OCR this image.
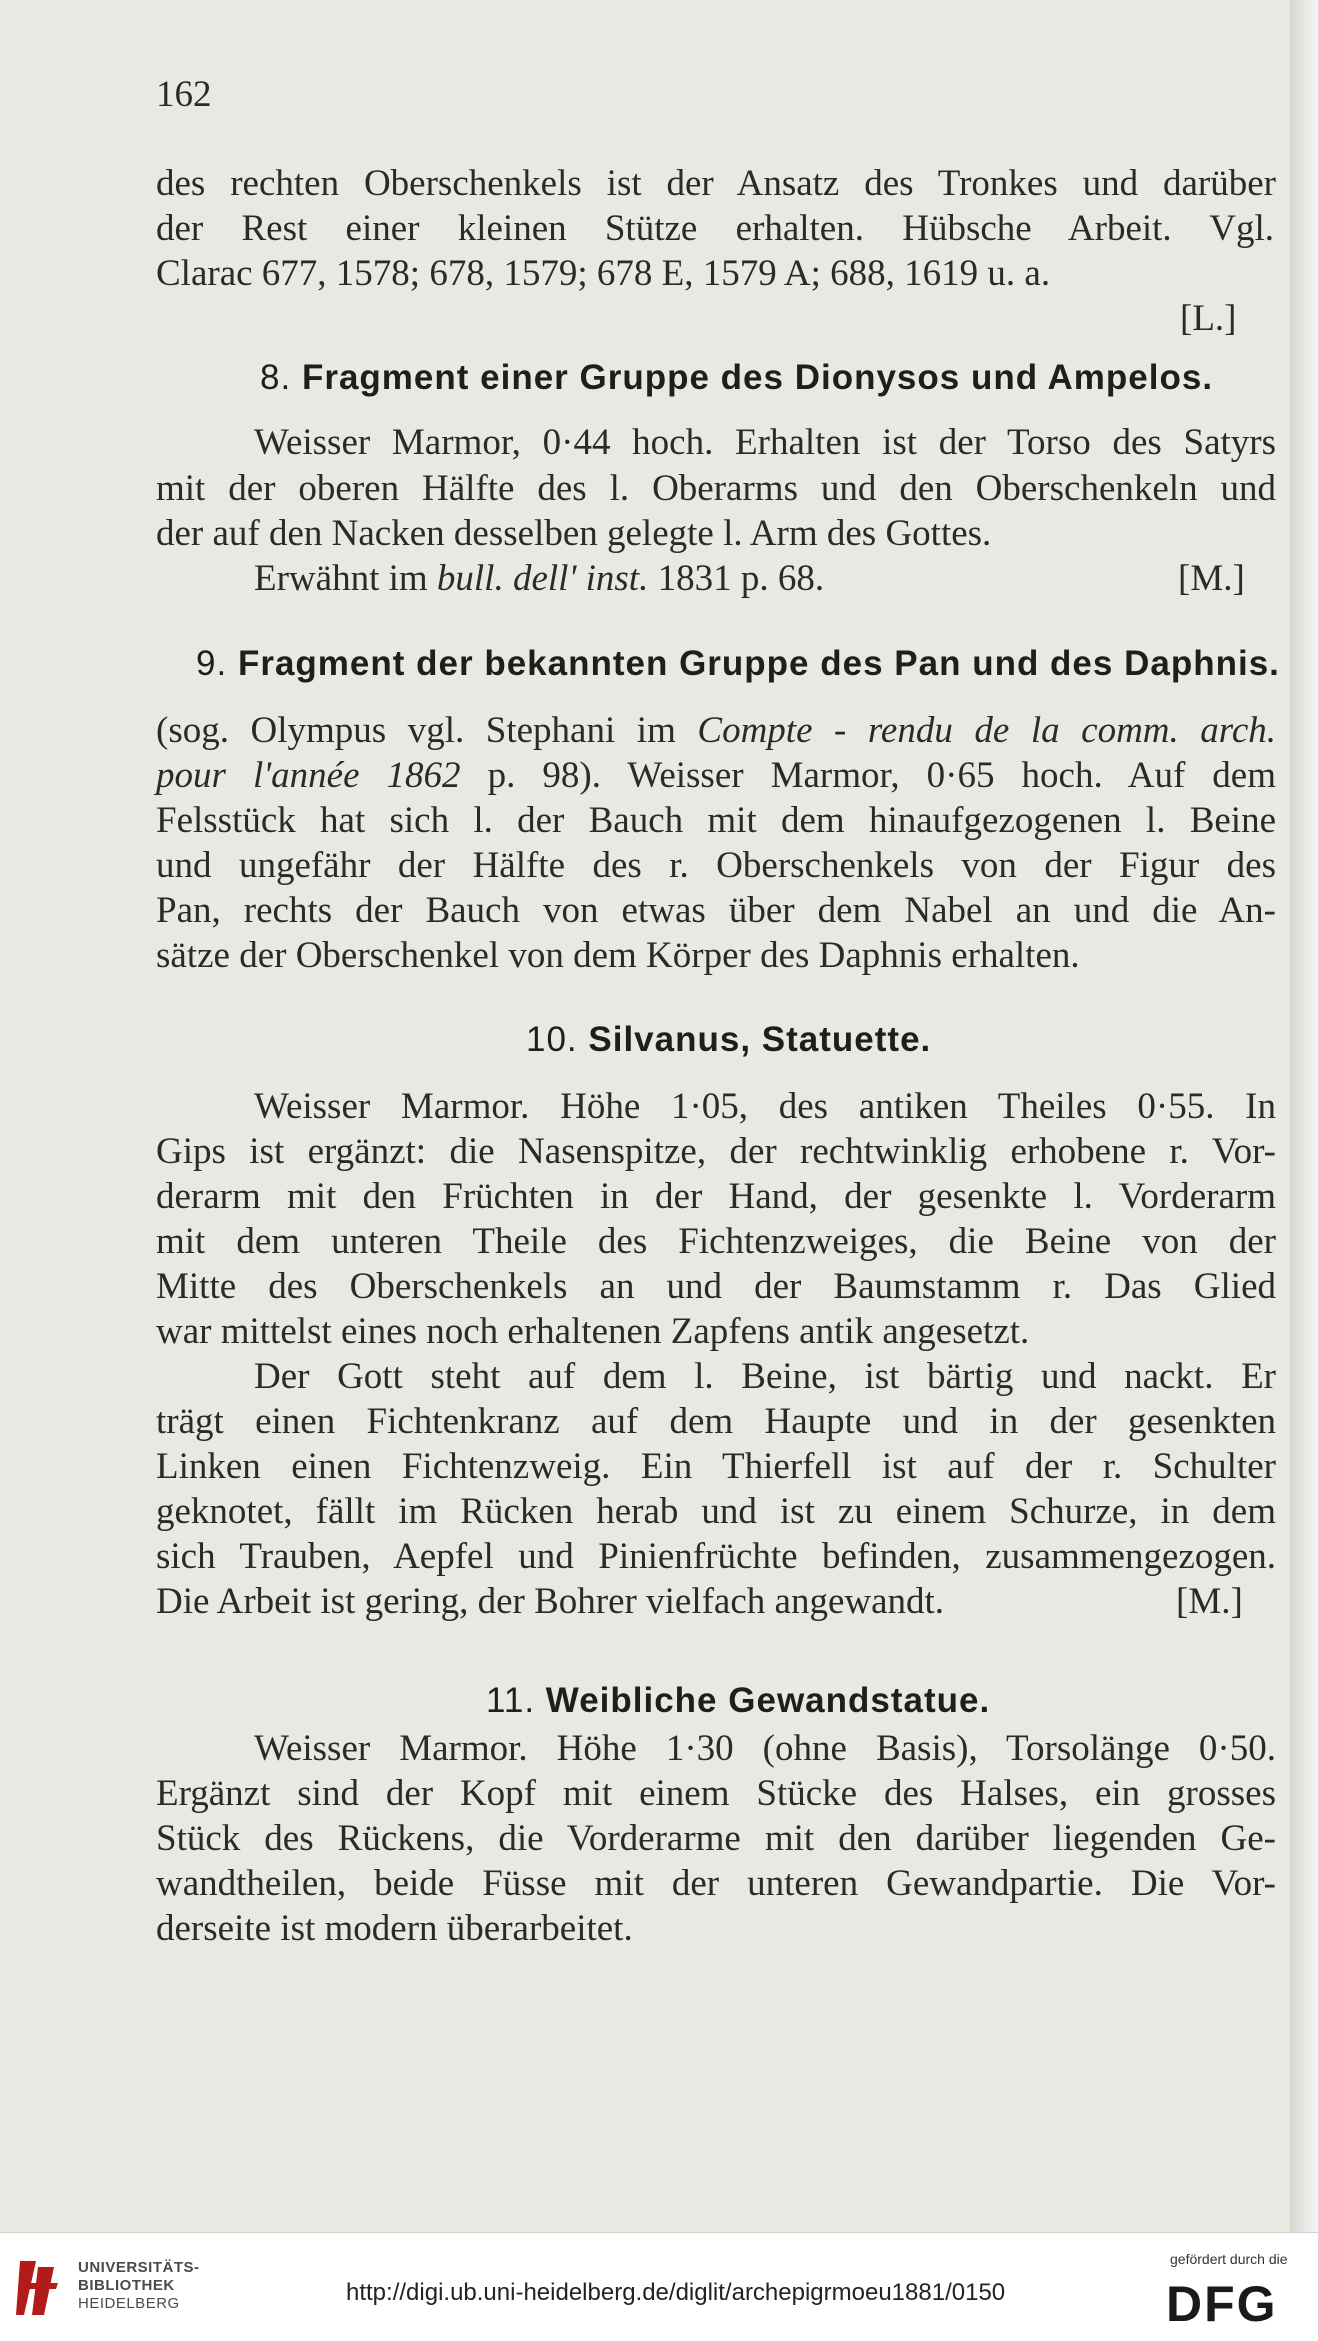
162
des rechten Oberschenkels ist der Ansatz des Tronkes und darüber
der Rest einer kleinen Stütze erhalten. Hübsche Arbeit. Vgl.
Clarac 677, 1578; 678, 1579; 678 E, 1579 A; 688, 1619 u. a.
[L.]
8. Fragment einer Gruppe des Dionysos und Ampelos.
Weisser Marmor, 0·44 hoch. Erhalten ist der Torso des Satyrs
mit der oberen Hälfte des l. Oberarms und den Oberschenkeln und
der auf den Nacken desselben gelegte l. Arm des Gottes.
Erwähnt im bull. dell' inst. 1831 p. 68.	[M.]
9. Fragment der bekannten Gruppe des Pan und des Daphnis.
(sog. Olympus vgl. Stephani im Compte - rendu de la comm. arch.
pour l'année 1862 p. 98). Weisser Marmor, 0·65 hoch. Auf dem
Felsstück hat sich l. der Bauch mit dem hinaufgezogenen l. Beine
und ungefähr der Hälfte des r. Oberschenkels von der Figur des
Pan, rechts der Bauch von etwas über dem Nabel an und die An-
sätze der Oberschenkel von dem Körper des Daphnis erhalten.
10. Silvanus, Statuette.
Weisser Marmor. Höhe 1·05, des antiken Theiles 0·55. In
Gips ist ergänzt: die Nasenspitze, der rechtwinklig erhobene r. Vor-
derarm mit den Früchten in der Hand, der gesenkte l. Vorderarm
mit dem unteren Theile des Fichtenzweiges, die Beine von der
Mitte des Oberschenkels an und der Baumstamm r. Das Glied
war mittelst eines noch erhaltenen Zapfens antik angesetzt.
Der Gott steht auf dem l. Beine, ist bärtig und nackt. Er
trägt einen Fichtenkranz auf dem Haupte und in der gesenkten
Linken einen Fichtenzweig. Ein Thierfell ist auf der r. Schulter
geknotet, fällt im Rücken herab und ist zu einem Schurze, in dem
sich Trauben, Aepfel und Pinienfrüchte befinden, zusammengezogen.
Die Arbeit ist gering, der Bohrer vielfach angewandt.	[M.]
11. Weibliche Gewandstatue.
Weisser Marmor. Höhe 1·30 (ohne Basis), Torsolänge 0·50.
Ergänzt sind der Kopf mit einem Stücke des Halses, ein grosses
Stück des Rückens, die Vorderarme mit den darüber liegenden Ge-
wandtheilen, beide Füsse mit der unteren Gewandpartie. Die Vor-
derseite ist modern überarbeitet.
UNIVERSITÄTS-
BIBLIOTHEK
HEIDELBERG	http://digi.ub.uni-heidelberg.de/diglit/archepigrmoeu1881/0150
gefördert durch die
DFG
